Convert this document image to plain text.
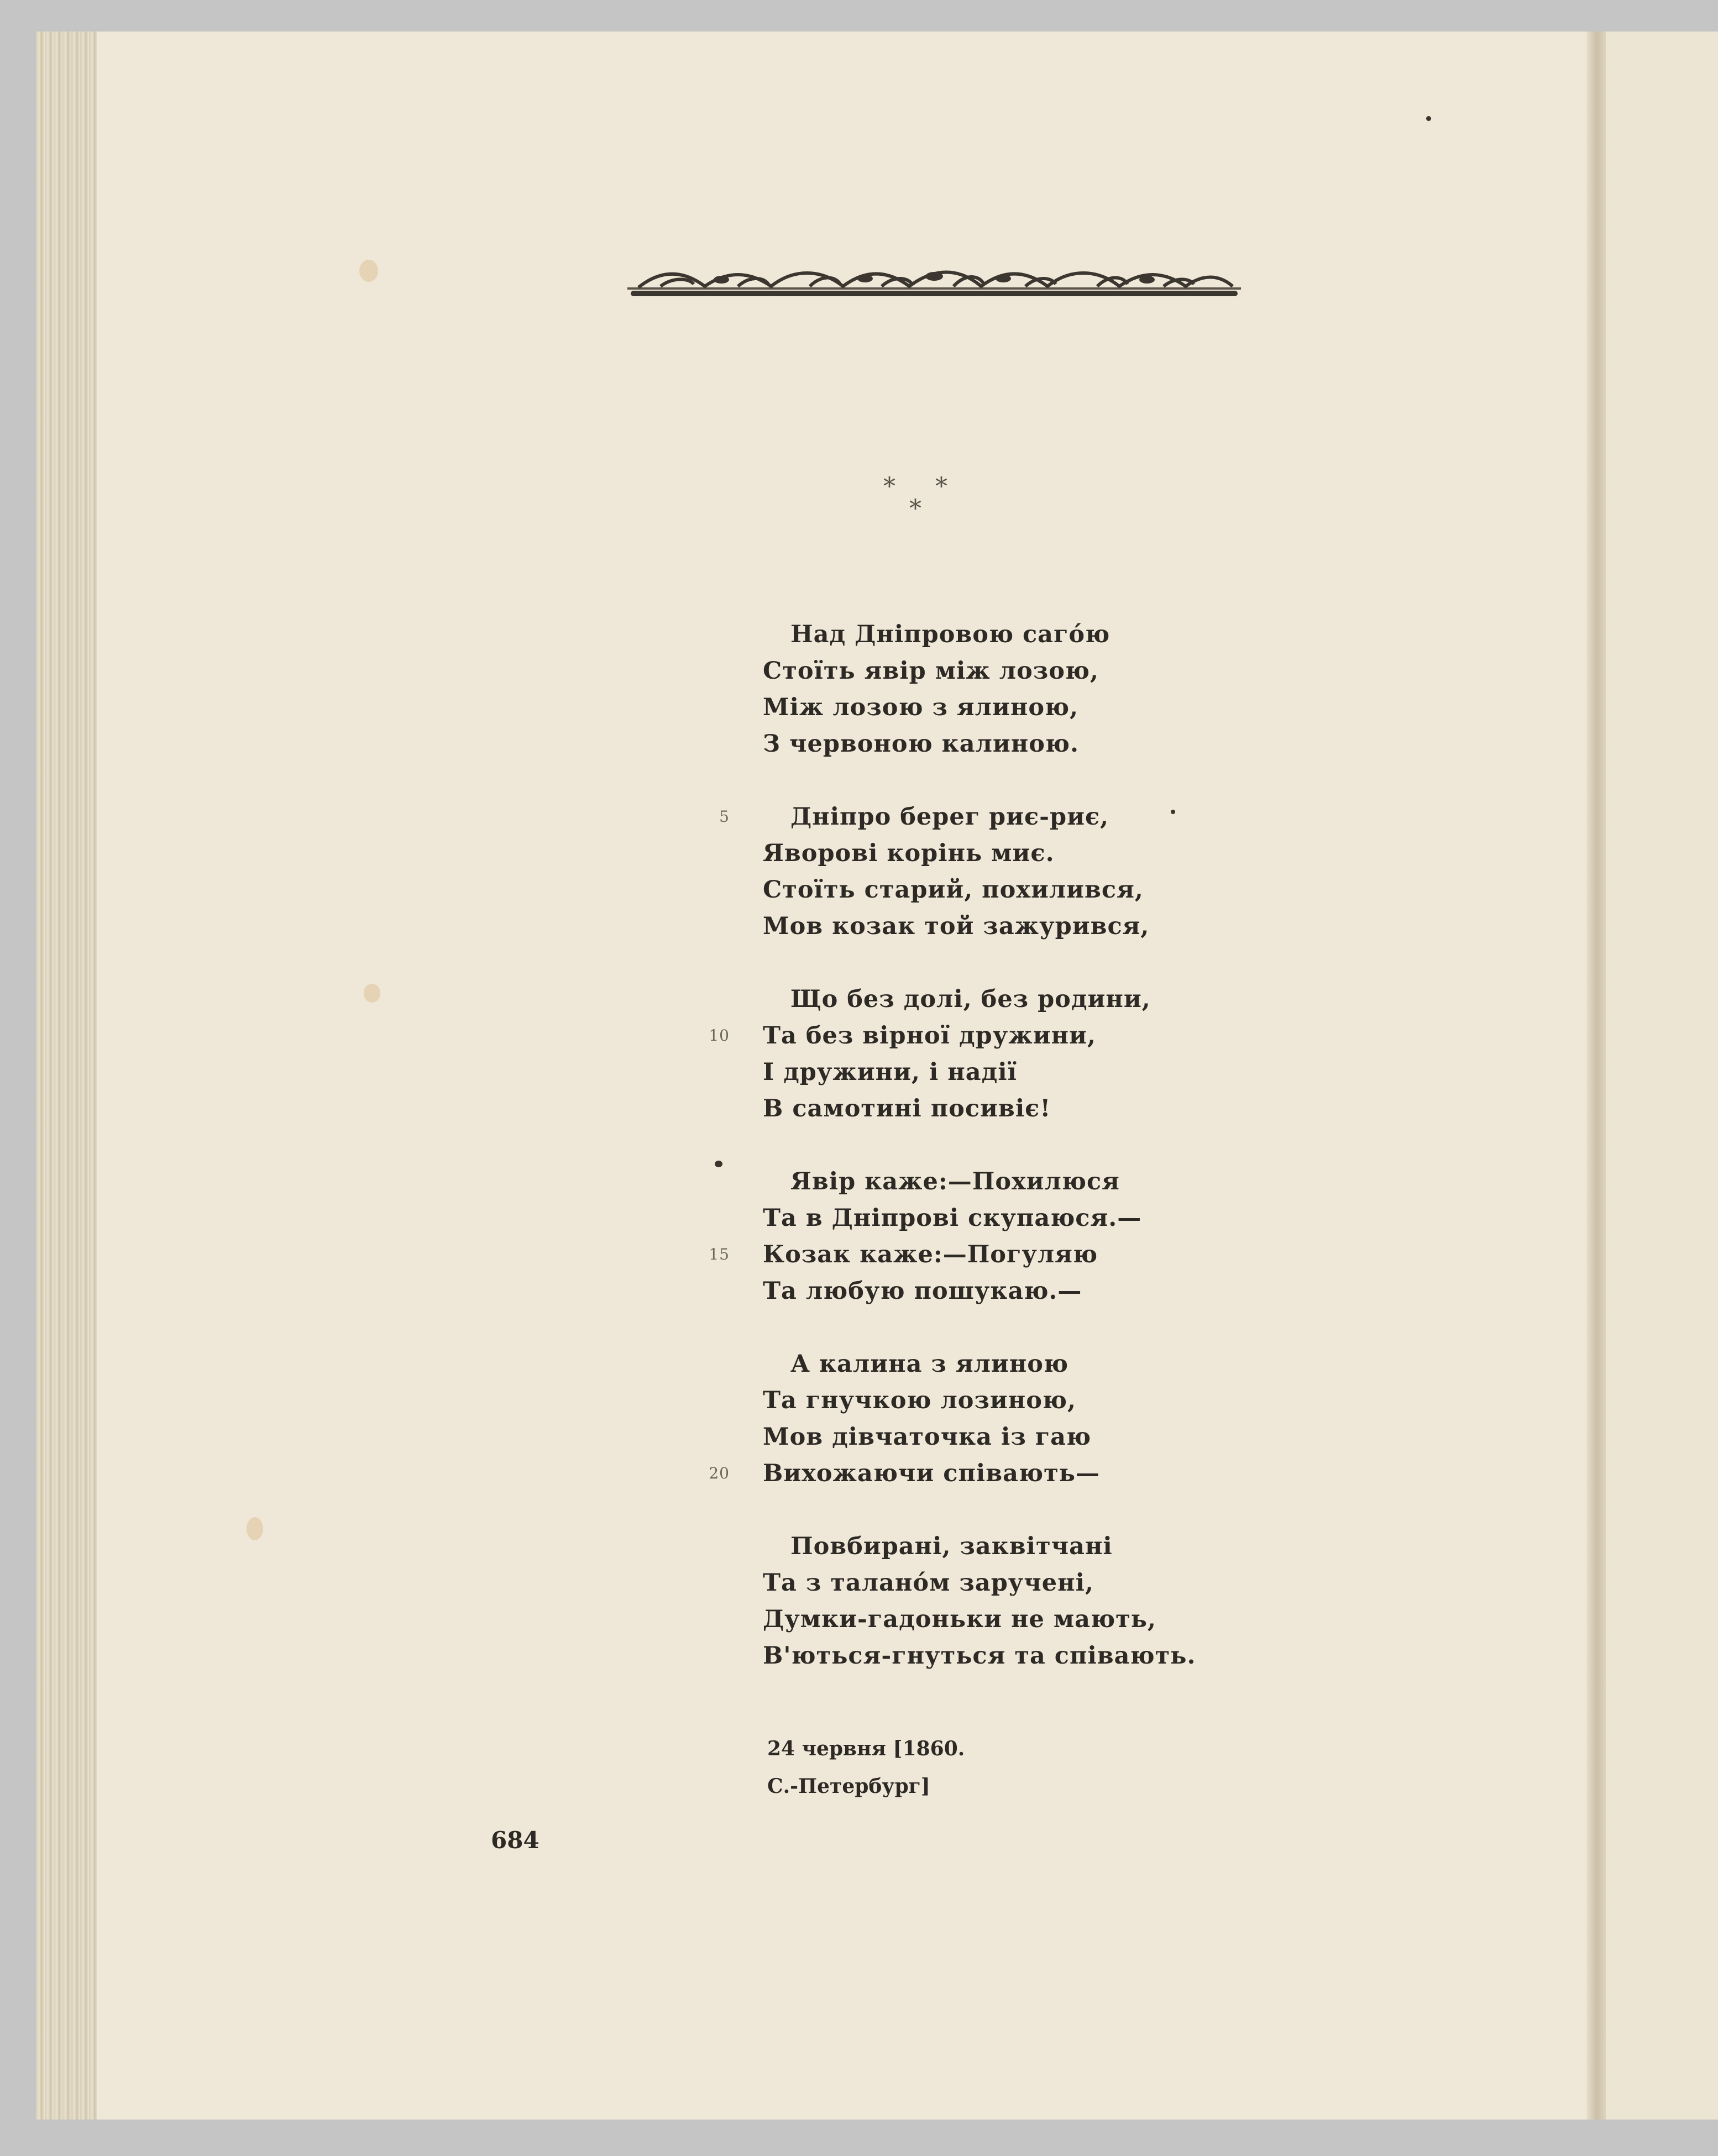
* *
*
Над Дніпровою сагóю
Стоїть явір між лозою,
Між лозою з ялиною,
З червоною калиною.
5	Дніпро берег риє-риє,
Яворові корінь миє.
Стоїть старий, похилився,
Мов козак той зажурився,
Що без долі, без родини,
10 Та без вірної дружини,
І дружини, і надії
В самотині посивіє!
Явір каже:—Похилюся
Та в Дніпрові скупаюся.—
15 Козак каже:—Погуляю
Та любую пошукаю.—
А калина з ялиною
Та гнучкою лозиною,
Мов дівчаточка із гаю
20 Вихожаючи співають—
Повбирані, заквітчані
Та з таланóм заручені,
Думки-гадоньки не мають,
В'ються-гнуться та співають.
24 червня [1860.
С.-Петербург]
684
